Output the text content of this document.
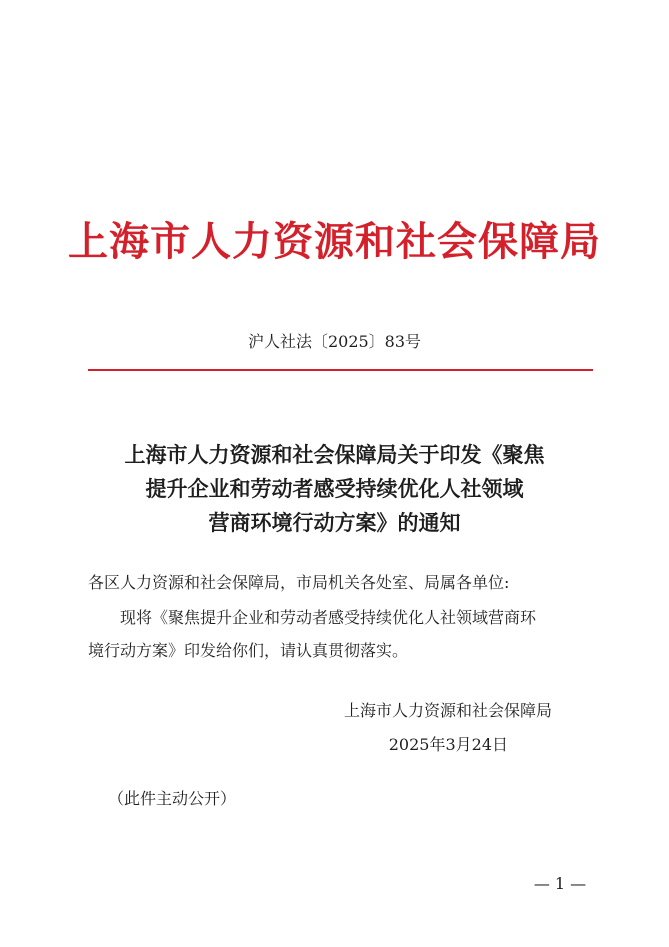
上海市人力资源和社会保障局
沪人社法〔2025〕83号
上海市人力资源和社会保障局关于印发《聚焦
提升企业和劳动者感受持续优化人社领域
营商环境行动方案》的通知
各区人力资源和社会保障局，市局机关各处室、局属各单位:
现将《聚焦提升企业和劳动者感受持续优化人社领域营商环
境行动方案》印发给你们，请认真贯彻落实。
上海市人力资源和社会保障局
2025年3月24日
（此件主动公开）
— 1 —
